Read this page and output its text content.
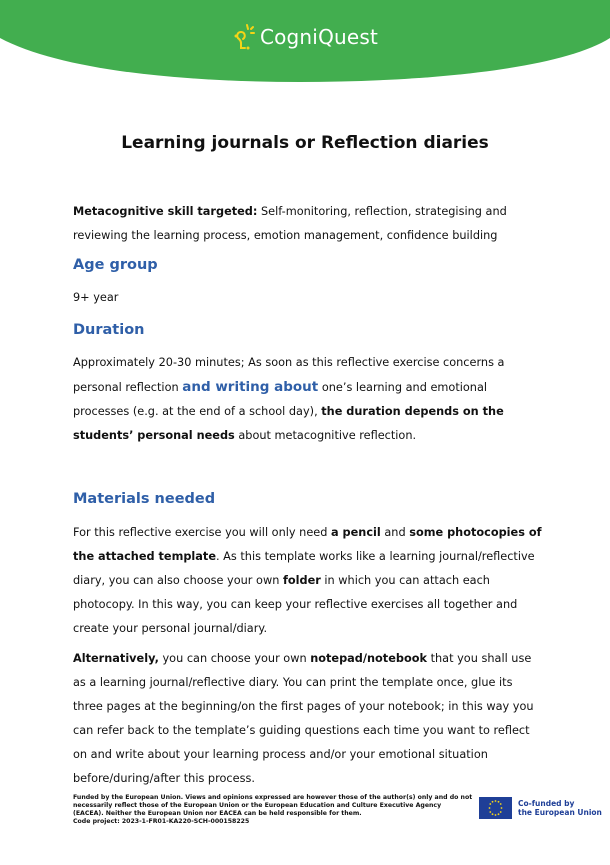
CogniQuest
Learning journals or Reflection diaries

Metacognitive skill targeted: Self-monitoring, reflection, strategising and reviewing the learning process, emotion management, confidence building

Age group

9+ year

Duration

Approximately 20-30 minutes; As soon as this reflective exercise concerns a personal reflection and writing about one’s learning and emotional processes (e.g. at the end of a school day), the duration depends on the students’ personal needs about metacognitive reflection.

Materials needed

For this reflective exercise you will only need a pencil and some photocopies of the attached template. As this template works like a learning journal/reflective diary, you can also choose your own folder in which you can attach each photocopy. In this way, you can keep your reflective exercises all together and create your personal journal/diary.

Alternatively, you can choose your own notepad/notebook that you shall use as a learning journal/reflective diary. You can print the template once, glue its three pages at the beginning/on the first pages of your notebook; in this way you can refer back to the template’s guiding questions each time you want to reflect on and write about your learning process and/or your emotional situation before/during/after this process.

Funded by the European Union. Views and opinions expressed are however those of the author(s) only and do not necessarily reflect those of the European Union or the European Education and Culture Executive Agency (EACEA). Neither the European Union nor EACEA can be held responsible for them.
Code project: 2023-1-FR01-KA220-SCH-000158225
Co-funded by
the European Union
